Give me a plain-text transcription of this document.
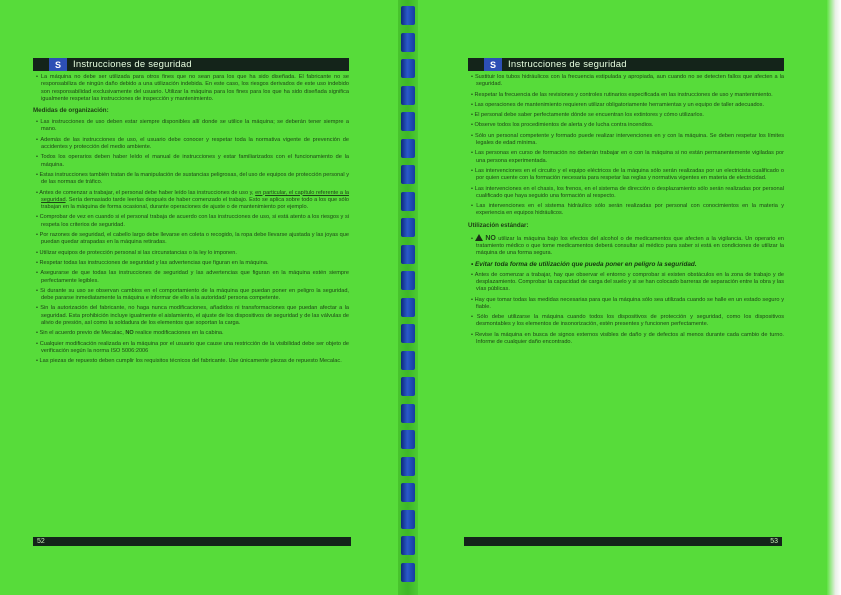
S	Instrucciones de seguridad

• La máquina no debe ser utilizada para otros fines que no sean para los que ha sido diseñada. El fabricante no se responsabiliza de ningún daño debido a una utilización indebida. En este caso, los riesgos derivados de este uso indebido son responsabilidad exclusivamente del usuario. Utilizar la máquina para los fines para los que ha sido diseñada significa igualmente respetar las instrucciones de inspección y mantenimiento.

Medidas de organización:

• Las instrucciones de uso deben estar siempre disponibles allí donde se utilice la máquina; se deberán tener siempre a mano.

• Además de las instrucciones de uso, el usuario debe conocer y respetar toda la normativa vigente de prevención de accidentes y protección del medio ambiente.

• Todos los operarios deben haber leído el manual de instrucciones y estar familiarizados con el funcionamiento de la máquina.

• Estas instrucciones también tratan de la manipulación de sustancias peligrosas, del uso de equipos de protección personal y de las normas de tráfico.

• Antes de comenzar a trabajar, el personal debe haber leído las instrucciones de uso y, en particular, el capítulo referente a la seguridad. Sería demasiado tarde leerlas después de haber comenzado el trabajo. Esto se aplica sobre todo a los que sólo trabajan en la máquina de forma ocasional, durante operaciones de ajuste o de mantenimiento por ejemplo.

• Comprobar de vez en cuando si el personal trabaja de acuerdo con las instrucciones de uso, si está atento a los riesgos y si respeta los criterios de seguridad.

• Por razones de seguridad, el cabello largo debe llevarse en coleta o recogido, la ropa debe llevarse ajustada y las joyas que puedan quedar atrapadas en la máquina retiradas.

• Utilizar equipos de protección personal si las circunstancias o la ley lo imponen.

• Respetar todas las instrucciones de seguridad y las advertencias que figuran en la máquina.

• Asegurarse de que todas las instrucciones de seguridad y las advertencias que figuran en la máquina estén siempre perfectamente legibles.

• Si durante su uso se observan cambios en el comportamiento de la máquina que puedan poner en peligro la seguridad, debe pararse inmediatamente la máquina e informar de ello a la autoridad/ persona competente.

• Sin la autorización del fabricante, no haga nunca modificaciones, añadidos ni transformaciones que puedan afectar a la seguridad. Esta prohibición incluye igualmente el aislamiento, el ajuste de los dispositivos de seguridad y de las válvulas de alivio de presión, así como la soldadura de los elementos que soportan la carga.

• Sin el acuerdo previo de Mecalac, NO realice modificaciones en la cabina.

• Cualquier modificación realizada en la máquina por el usuario que cause una restricción de la visibilidad debe ser objeto de verificación según la norma ISO 5006:2006

• Las piezas de repuesto deben cumplir los requisitos técnicos del fabricante. Use únicamente piezas de repuesto Mecalac.

S	Instrucciones de seguridad

• Sustituir los tubos hidráulicos con la frecuencia estipulada y apropiada, aun cuando no se detecten fallos que afecten a la seguridad.

• Respetar la frecuencia de las revisiones y controles rutinarios especificada en las instrucciones de uso y mantenimiento.

• Las operaciones de mantenimiento requieren utilizar obligatoriamente herramientas y un equipo de taller adecuados.

• El personal debe saber perfectamente dónde se encuentran los extintores y cómo utilizarlos.

• Observe todos los procedimientos de alerta y de lucha contra incendios.

• Sólo un personal competente y formado puede realizar intervenciones en y con la máquina. Se deben respetar los límites legales de edad mínima.

• Las personas en curso de formación no deberán trabajar en o con la máquina si no están permanentemente vigiladas por una persona experimentada.

• Las intervenciones en el circuito y el equipo eléctricos de la máquina sólo serán realizadas por un electricista cualificado o por quien cuente con la formación necesaria para respetar las reglas y normativa vigentes en materia de electricidad.

• Las intervenciones en el chasis, los frenos, en el sistema de dirección o desplazamiento sólo serán realizadas por personal cualificado que haya seguido una formación al respecto.

• Las intervenciones en el sistema hidráulico sólo serán realizadas por personal con conocimientos en la materia y experiencia en equipos hidráulicos.

Utilización estándar:

• NO utilizar la máquina bajo los efectos del alcohol o de medicamentos que afecten a la vigilancia. Un operario en tratamiento médico o que tome medicamentos deberá consultar al médico para saber si está en condiciones de utilizar la máquina de una forma segura.

• Evitar toda forma de utilización que pueda poner en peligro la seguridad.

• Antes de comenzar a trabajar, hay que observar el entorno y comprobar si existen obstáculos en la zona de trabajo y de desplazamiento. Comprobar la capacidad de carga del suelo y si se han colocado barreras de separación entre la obra y las vías públicas.

• Hay que tomar todas las medidas necesarias para que la máquina sólo sea utilizada cuando se halle en un estado seguro y fiable.

• Sólo debe utilizarse la máquina cuando todos los dispositivos de protección y seguridad, como los dispositivos desmontables y los elementos de insonorización, estén presentes y funcionen perfectamente.

• Revise la máquina en busca de signos externos visibles de daño y de defectos al menos durante cada cambio de turno. Informe de cualquier daño encontrado.

52	53
